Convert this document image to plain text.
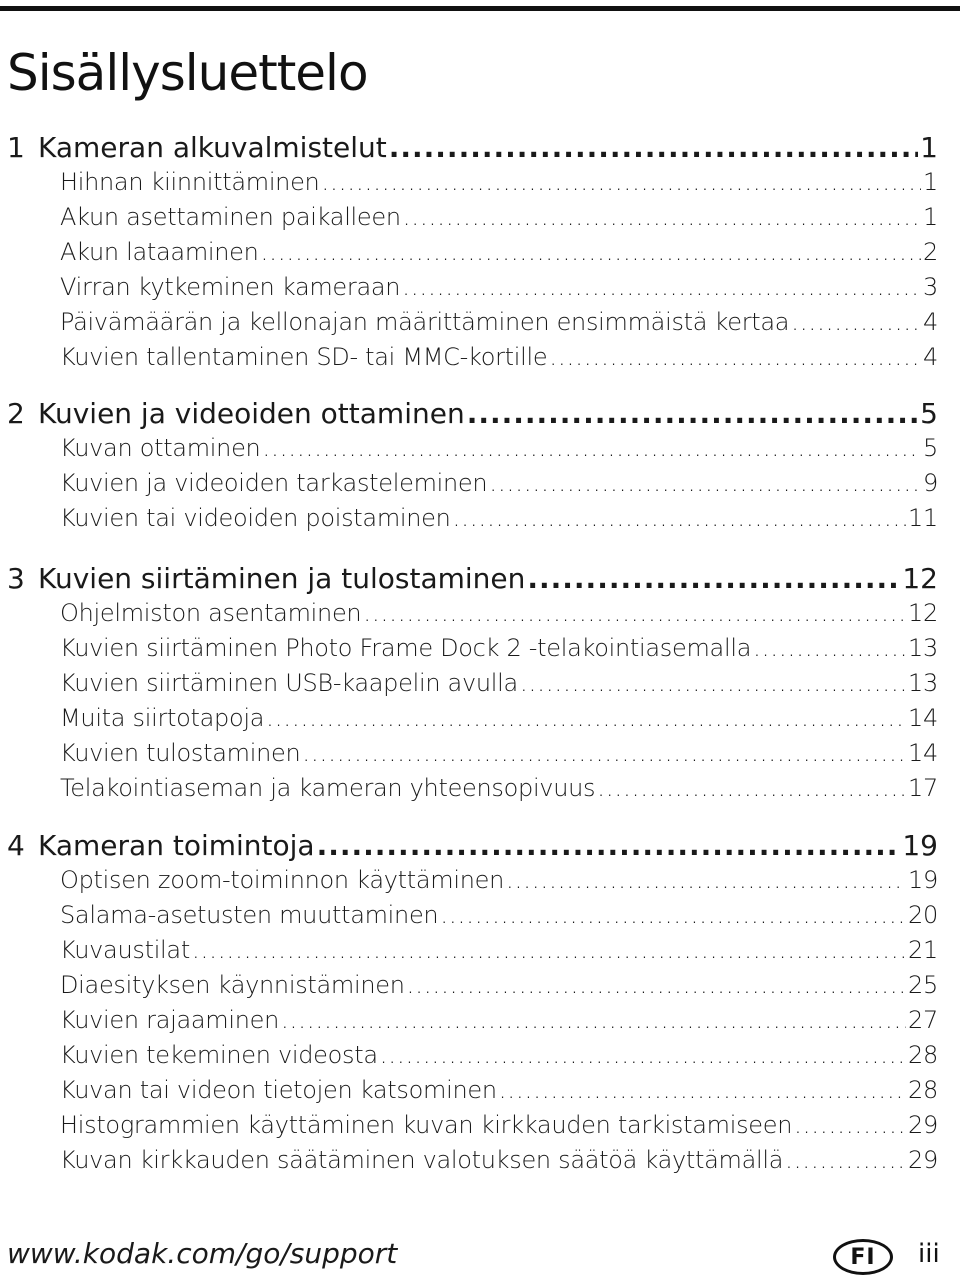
Sisällysluettelo
1 Kameran alkuvalmistelut .....	1
Hihnan kiinnittäminen .....	1
Akun asettaminen paikalleen .....	1
Akun lataaminen .....	2
Virran kytkeminen kameraan .....	3
Päivämäärän ja kellonajan määrittäminen ensimmäistä kertaa .....	4
Kuvien tallentaminen SD- tai MMC-kortille .....	4
2 Kuvien ja videoiden ottaminen .....	5
Kuvan ottaminen .....	5
Kuvien ja videoiden tarkasteleminen .....	9
Kuvien tai videoiden poistaminen .....	11
3 Kuvien siirtäminen ja tulostaminen .....	12
Ohjelmiston asentaminen .....	12
Kuvien siirtäminen Photo Frame Dock 2 -telakointiasemalla .....	13
Kuvien siirtäminen USB-kaapelin avulla .....	13
Muita siirtotapoja .....	14
Kuvien tulostaminen .....	14
Telakointiaseman ja kameran yhteensopivuus .....	17
4 Kameran toimintoja .....	19
Optisen zoom-toiminnon käyttäminen .....	19
Salama-asetusten muuttaminen .....	20
Kuvaustilat .....	21
Diaesityksen käynnistäminen .....	25
Kuvien rajaaminen .....	27
Kuvien tekeminen videosta .....	28
Kuvan tai videon tietojen katsominen .....	28
Histogrammien käyttäminen kuvan kirkkauden tarkistamiseen .....	29
Kuvan kirkkauden säätäminen valotuksen säätöä käyttämällä .....	29
www.kodak.com/go/support	FI	iii
